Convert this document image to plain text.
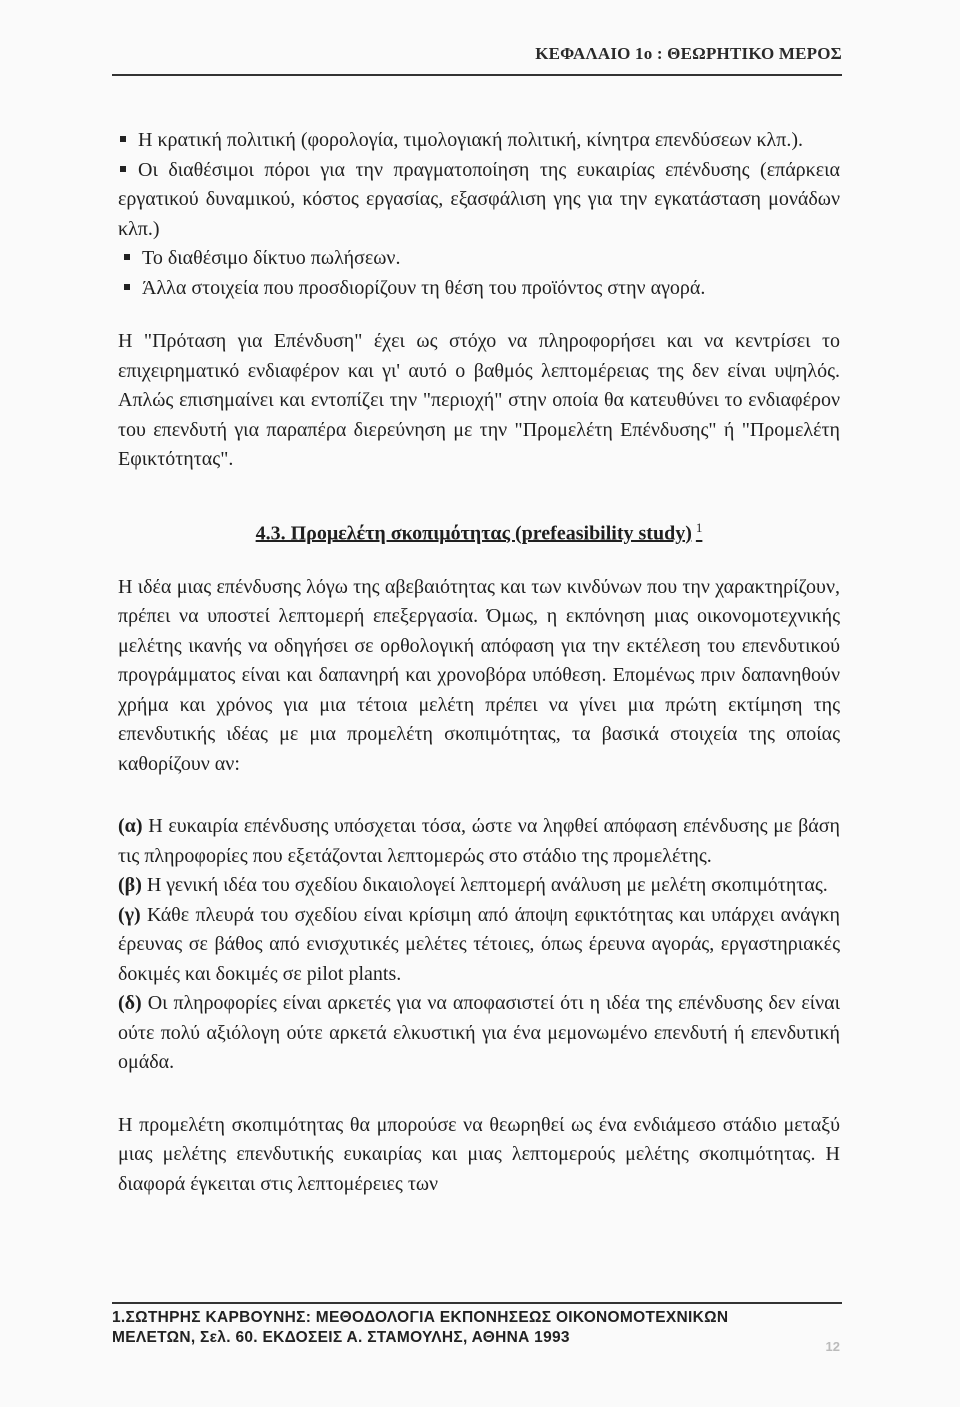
ΚΕΦΑΛΑΙΟ 1ο : ΘΕΩΡΗΤΙΚΟ ΜΕΡΟΣ

Η κρατική πολιτική (φορολογία, τιμολογιακή πολιτική, κίνητρα επενδύσεων κλπ.).

Οι διαθέσιμοι πόροι για την πραγματοποίηση της ευκαιρίας επένδυσης (επάρκεια εργατικού δυναμικού, κόστος εργασίας, εξασφάλιση γης για την εγκατάσταση μονάδων κλπ.)

Το διαθέσιμο δίκτυο πωλήσεων.

Άλλα στοιχεία που προσδιορίζουν τη θέση του προϊόντος στην αγορά.

Η "Πρόταση για Επένδυση" έχει ως στόχο να πληροφορήσει και να κεντρίσει το επιχειρηματικό ενδιαφέρον και γι' αυτό ο βαθμός λεπτομέρειας της δεν είναι υψηλός. Απλώς επισημαίνει και εντοπίζει την "περιοχή" στην οποία θα κατευθύνει το ενδιαφέρον του επενδυτή για παραπέρα διερεύνηση με την "Προμελέτη Επένδυσης" ή "Προμελέτη Εφικτότητας".

4.3. Προμελέτη σκοπιμότητας (prefeasibility study) $^1$

Η ιδέα μιας επένδυσης λόγω της αβεβαιότητας και των κινδύνων που την χαρακτηρίζουν, πρέπει να υποστεί λεπτομερή επεξεργασία. Όμως, η εκπόνηση μιας οικονομοτεχνικής μελέτης ικανής να οδηγήσει σε ορθολογική απόφαση για την εκτέλεση του επενδυτικού προγράμματος είναι και δαπανηρή και χρονοβόρα υπόθεση. Επομένως πριν δαπανηθούν χρήμα και χρόνος για μια τέτοια μελέτη πρέπει να γίνει μια πρώτη εκτίμηση της επενδυτικής ιδέας με μια προμελέτη σκοπιμότητας, τα βασικά στοιχεία της οποίας καθορίζουν αν:

(α) Η ευκαιρία επένδυσης υπόσχεται τόσα, ώστε να ληφθεί απόφαση επένδυσης με βάση τις πληροφορίες που εξετάζονται λεπτομερώς στο στάδιο της προμελέτης.

(β) Η γενική ιδέα του σχεδίου δικαιολογεί λεπτομερή ανάλυση με μελέτη σκοπιμότητας.

(γ) Κάθε πλευρά του σχεδίου είναι κρίσιμη από άποψη εφικτότητας και υπάρχει ανάγκη έρευνας σε βάθος από ενισχυτικές μελέτες τέτοιες, όπως έρευνα αγοράς, εργαστηριακές δοκιμές και δοκιμές σε pilot plants.

(δ) Οι πληροφορίες είναι αρκετές για να αποφασιστεί ότι η ιδέα της επένδυσης δεν είναι ούτε πολύ αξιόλογη ούτε αρκετά ελκυστική για ένα μεμονωμένο επενδυτή ή επενδυτική ομάδα.

Η προμελέτη σκοπιμότητας θα μπορούσε να θεωρηθεί ως ένα ενδιάμεσο στάδιο μεταξύ μιας μελέτης επενδυτικής ευκαιρίας και μιας λεπτομερούς μελέτης σκοπιμότητας. Η διαφορά έγκειται στις λεπτομέρειες των

1.ΣΩΤΗΡΗΣ ΚΑΡΒΟΥΝΗΣ: ΜΕΘΟΔΟΛΟΓΙΑ ΕΚΠΟΝΗΣΕΩΣ ΟΙΚΟΝΟΜΟΤΕΧΝΙΚΩΝ
ΜΕΛΕΤΩΝ, Σελ. 60. ΕΚΔΟΣΕΙΣ Α. ΣΤΑΜΟΥΛΗΣ, ΑΘΗΝΑ 1993
12
